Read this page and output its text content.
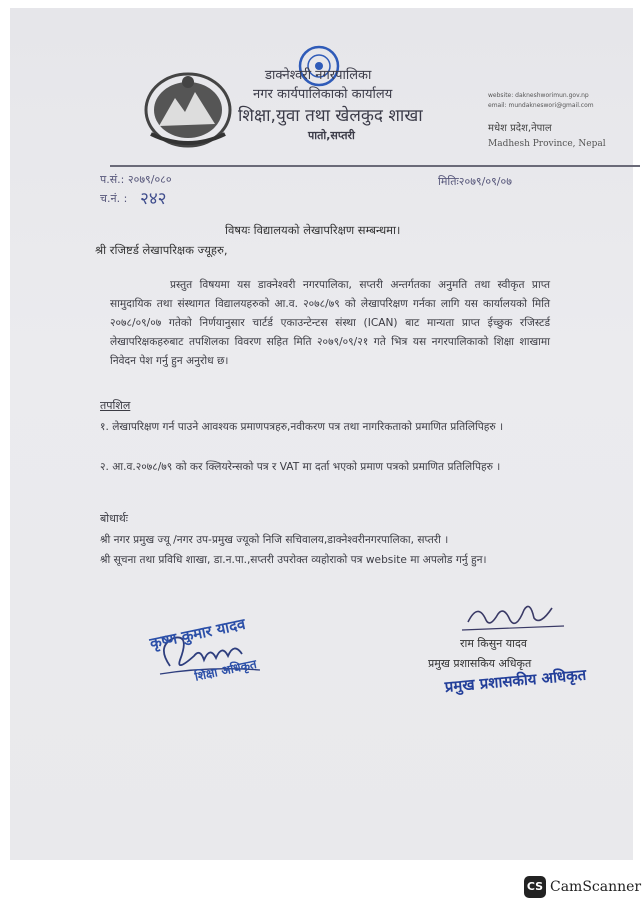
डाक्नेश्वरी नगरपालिका
नगर कार्यपालिकाको कार्यालय
शिक्षा,युवा तथा खेलकुद शाखा
पातो,सप्तरी
website: dakneshworimun.gov.np
email: mundakneswori@gmail.com
मधेश प्रदेश,नेपाल
Madhesh Province, Nepal
प.सं.: २०७९/०८०
च.नं. : २४२
मितिः२०७९/०९/०७
विषयः विद्यालयको लेखापरिक्षण सम्बन्धमा।
श्री रजिष्टर्ड लेखापरिक्षक ज्यूहरु,
प्रस्तुत विषयमा यस डाक्नेश्वरी नगरपालिका, सप्तरी अन्तर्गतका अनुमति तथा स्वीकृत प्राप्त सामुदायिक तथा संस्थागत विद्यालयहरुको आ.व. २०७८/७९ को लेखापरिक्षण गर्नका लागि यस कार्यालयको मिति २०७८/०९/०७ गतेको निर्णयानुसार चार्टर्ड एकाउन्टेन्टस संस्था (ICAN) बाट मान्यता प्राप्त ईच्छुक रजिस्टर्ड लेखापरिक्षकहरुबाट तपशिलका विवरण सहित मिति २०७९/०९/२१ गते भित्र यस नगरपालिकाको शिक्षा शाखामा निवेदन पेश गर्नु हुन अनुरोध छ।
तपशिल
१. लेखापरिक्षण गर्न पाउने आवश्यक प्रमाणपत्रहरु,नवीकरण पत्र तथा नागरिकताको प्रमाणित प्रतिलिपिहरु ।
२. आ.व.२०७८/७९ को कर क्लियरेन्सको पत्र र VAT मा दर्ता भएको प्रमाण पत्रको प्रमाणित प्रतिलिपिहरु ।
बोधार्थः
श्री नगर प्रमुख ज्यू /नगर उप-प्रमुख ज्यूको निजि सचिवालय,डाक्नेश्वरीनगरपालिका, सप्तरी ।
श्री सूचना तथा प्रविधि शाखा, डा.न.पा.,सप्तरी उपरोक्त व्यहोराको पत्र website मा अपलोड गर्नु हुन।
राम किसुन यादव
प्रमुख प्रशासकिय अधिकृत
कृष्ण कुमार यादव
शिक्षा अधिकृत	प्रमुख प्रशासकीय अधिकृत
CS CamScanner
